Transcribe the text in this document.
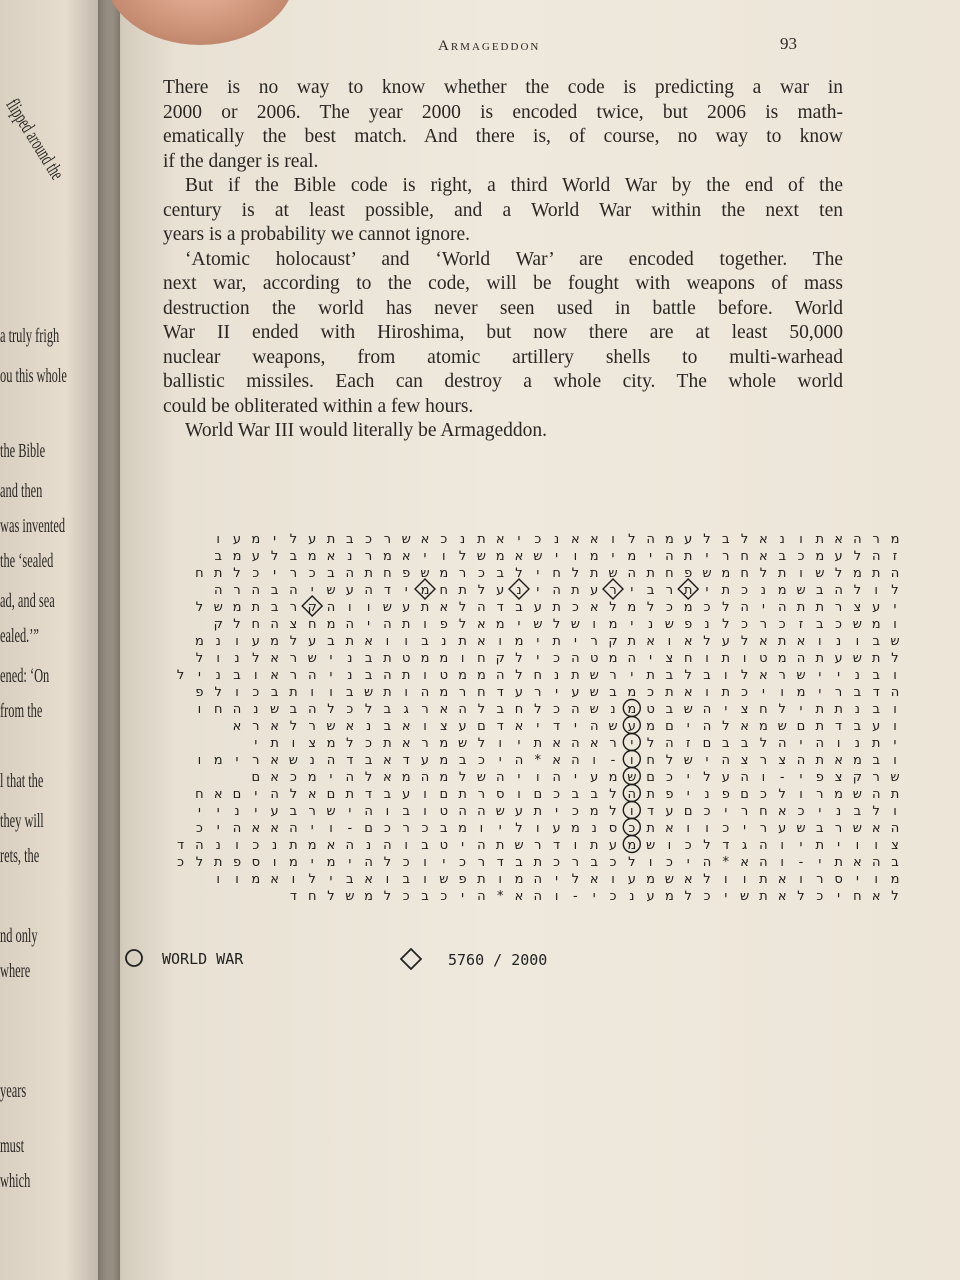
flipped around the
a truly frigh
ou this whole
the Bible
and then
was invented
the ‘sealed
ad, and sea
ealed.’”
ened: ‘On
from the
l that the
they will
rets, the
nd only
where
years
must
which
Armageddon	93
There is no way to know whether the code is predicting a war in
2000 or 2006. The year 2000 is encoded twice, but 2006 is math-
ematically the best match. And there is, of course, no way to know
if the danger is real.
But if the Bible code is right, a third World War by the end of the
century is at least possible, and a World War within the next ten
years is a probability we cannot ignore.
‘Atomic holocaust’ and ‘World War’ are encoded together. The
next war, according to the code, will be fought with weapons of mass
destruction the world has never seen used in battle before. World
War II ended with Hiroshima, but now there are at least 50,000
nuclear weapons, from atomic artillery shells to multi-warhead
ballistic missiles. Each can destroy a whole city. The whole world
could be obliterated within a few hours.
World War III would literally be Armageddon.
מ
ר
ה
א
ת
ו
נ
א
ל
ב
ל
ע
מ
ה
ל
ו
א
א
נ
כ
י
א
ת
נ
כ
א
ש
ר
כ
ב
ת
ע
ל
י
מ
ע
ו
ז
ה
ל
ע
מ
כ
ב
א
ח
ר
י
ת
ה
י
מ
י
מ
ו
י
ש
א
מ
ש
ל
ו
י
א
מ
ר
נ
א
מ
ב
ל
ע
מ
ב
ה
ת
מ
ל
ש
ו
ת
ל
ח
מ
ש
פ
ח
ת
ה
ש
ת
ל
ח
י
ל
ב
כ
ר
מ
ש
פ
ח
ת
ה
ב
כ
ר
י
כ
ל
ת
ח
ל
ו
ל
ה
ב
ש
מ
נ
כ
ת
י
ת
ר
ב
י
ר
ע
ת
ה
י
נ
ע
ל
ת
ח
מ
י
ד
ה
ע
ש
י
ה
ב
ה
ר
ה
י
ע
צ
ר
ת
ת
ה
י
ה
ל
כ
מ
כ
ל
מ
ל
א
כ
ת
ע
ב
ד
ה
ל
א
ת
ע
ש
ו
ו
ה
ק
ר
ב
ת
מ
ש
ל
ו
מ
ש
כ
ב
ז
כ
ר
כ
ל
נ
פ
ש
נ
י
מ
ו
ש
ל
ש
י
מ
א
ל
פ
ו
ת
ה
י
ה
מ
ח
צ
ה
ח
ל
ק
ש
ב
ו
נ
ו
א
ת
א
ל
ע
ל
א
ו
א
ת
ק
ר
י
ת
י
מ
ו
א
ת
נ
ב
ו
ו
א
ת
ב
ע
ל
מ
ע
ו
נ
מ
ל
ת
ש
ע
ת
ה
מ
ט
ו
ת
ו
ח
צ
י
ה
מ
ט
ה
כ
י
ל
ק
ח
ו
מ
מ
ט
ת
ב
נ
י
ש
ר
א
ל
נ
ו
ל
ו
ב
נ
י
י
ש
ר
א
ל
ו
ב
ל
ב
ת
י
ר
ש
ת
נ
ח
ל
ה
מ
מ
ט
ו
ת
ה
ב
נ
י
ה
ר
א
ו
ב
נ
י
ל
ה
ד
ב
ר
י
מ
ו
י
כ
ת
ו
א
ת
כ
מ
ב
ש
ע
י
ר
ע
ד
ח
ר
מ
ה
ו
ת
ש
ב
ו
ו
ת
ב
כ
ו
ל
פ
ו
ב
נ
ת
ת
י
ל
ח
צ
י
ה
ש
ב
ט
מ
נ
ש
ה
כ
ל
ח
ב
ל
ה
א
ר
ג
ב
ל
כ
ל
ה
ב
ש
נ
ה
ח
ו
ו
ע
ב
ד
ת
ם
ש
מ
א
ל
ה
י
ם
מ
ע
ש
ה
י
ד
י
א
ד
ם
ע
צ
ו
א
ב
נ
א
ש
ר
ל
א
ר
א
י
ת
נ
ו
ה
י
ה
ל
ב
ב
ם
ז
ה
ל
י
ר
א
ה
א
ת
י
ו
ל
ש
מ
ר
א
ת
כ
ל
מ
צ
ו
ת
י
ו
ב
מ
א
ת
ה
צ
ר
צ
ה
י
ש
ל
ח
ו
-
ו
ה
א
*
ה
י
כ
ב
מ
ע
ד
א
ב
ד
ה
נ
ש
א
ר
י
מ
ו
ש
ר
ק
צ
פ
י
-
ו
ה
ע
ל
י
כ
ם
ש
מ
ע
י
ה
ו
י
ה
ש
ל
מ
ה
מ
א
ל
ה
י
מ
כ
א
ם
ת
ה
ש
מ
ר
ו
ל
כ
ם
פ
נ
י
פ
ת
ה
ל
ב
ב
כ
ם
ו
ס
ר
ת
ם
ו
ע
ב
ד
ת
ם
א
ל
ה
י
ם
א
ח
ו
ל
ב
נ
י
כ
א
ח
ר
י
כ
ם
ע
ד
ו
ל
מ
כ
י
ת
ע
ש
ה
ה
ט
ו
ב
ו
ה
י
ש
ר
ב
ע
י
נ
י
י
ה
א
ש
ר
ב
ש
ע
ר
י
כ
ו
ו
א
ת
כ
ס
נ
מ
ע
ו
ל
י
ו
מ
ב
כ
ר
כ
ם
-
ו
י
ה
א
א
ה
י
כ
צ
ו
ו
י
ת
י
ו
ה
ג
ד
ל
כ
ו
ש
מ
ע
ת
ו
ד
ר
ש
ת
ה
י
ט
ב
ו
ה
נ
ה
א
מ
ת
נ
כ
ו
נ
ה
ד
ב
ה
א
ת
י
-
ו
ה
א
*
ה
י
כ
ו
ל
כ
ב
ר
כ
ת
ב
ד
ר
כ
י
ו
כ
ל
ה
י
מ
י
מ
ו
ס
פ
ת
ל
כ
מ
ו
י
ס
ר
ו
א
ת
ו
ו
ל
א
ש
מ
ע
ו
א
ל
י
ה
מ
ו
ת
פ
ש
ו
ב
ו
א
ב
י
ל
ו
א
מ
ו
ו
ל
א
ח
י
כ
ל
א
ת
ש
י
כ
ל
מ
ע
נ
כ
י
-
ו
ה
א
*
ה
י
כ
ב
כ
ל
מ
ש
ל
ח
ד
WORLD WAR	5760 / 2000
